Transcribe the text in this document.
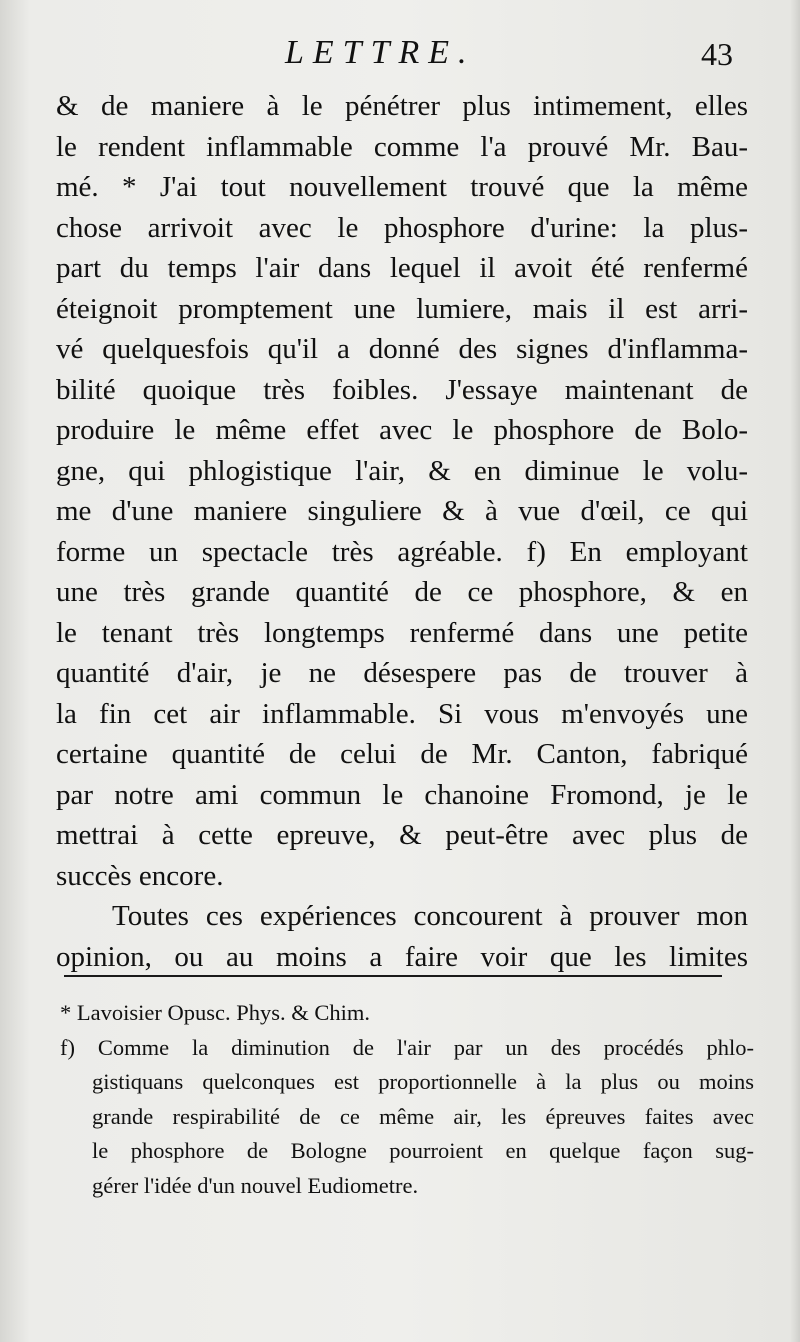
LETTRE.	43
& de maniere à le pénétrer plus intimement, elles
le rendent inflammable comme l'a prouvé Mr. Bau-
mé. * J'ai tout nouvellement trouvé que la même
chose arrivoit avec le phosphore d'urine: la plus-
part du temps l'air dans lequel il avoit été renfermé
éteignoit promptement une lumiere, mais il est arri-
vé quelquesfois qu'il a donné des signes d'inflamma-
bilité quoique très foibles. J'essaye maintenant de
produire le même effet avec le phosphore de Bolo-
gne, qui phlogistique l'air, & en diminue le volu-
me d'une maniere singuliere & à vue d'œil, ce qui
forme un spectacle très agréable. f) En employant
une très grande quantité de ce phosphore, & en
le tenant très longtemps renfermé dans une petite
quantité d'air, je ne désespere pas de trouver à
la fin cet air inflammable. Si vous m'envoyés une
certaine quantité de celui de Mr. Canton, fabriqué
par notre ami commun le chanoine Fromond, je le
mettrai à cette epreuve, & peut-être avec plus de
succès encore.
Toutes ces expériences concourent à prouver mon
opinion, ou au moins a faire voir que les limites
* Lavoisier Opusc. Phys. & Chim.
f) Comme la diminution de l'air par un des procédés phlo-
gistiquans quelconques est proportionnelle à la plus ou moins
grande respirabilité de ce même air, les épreuves faites avec
le phosphore de Bologne pourroient en quelque façon sug-
gérer l'idée d'un nouvel Eudiometre.
